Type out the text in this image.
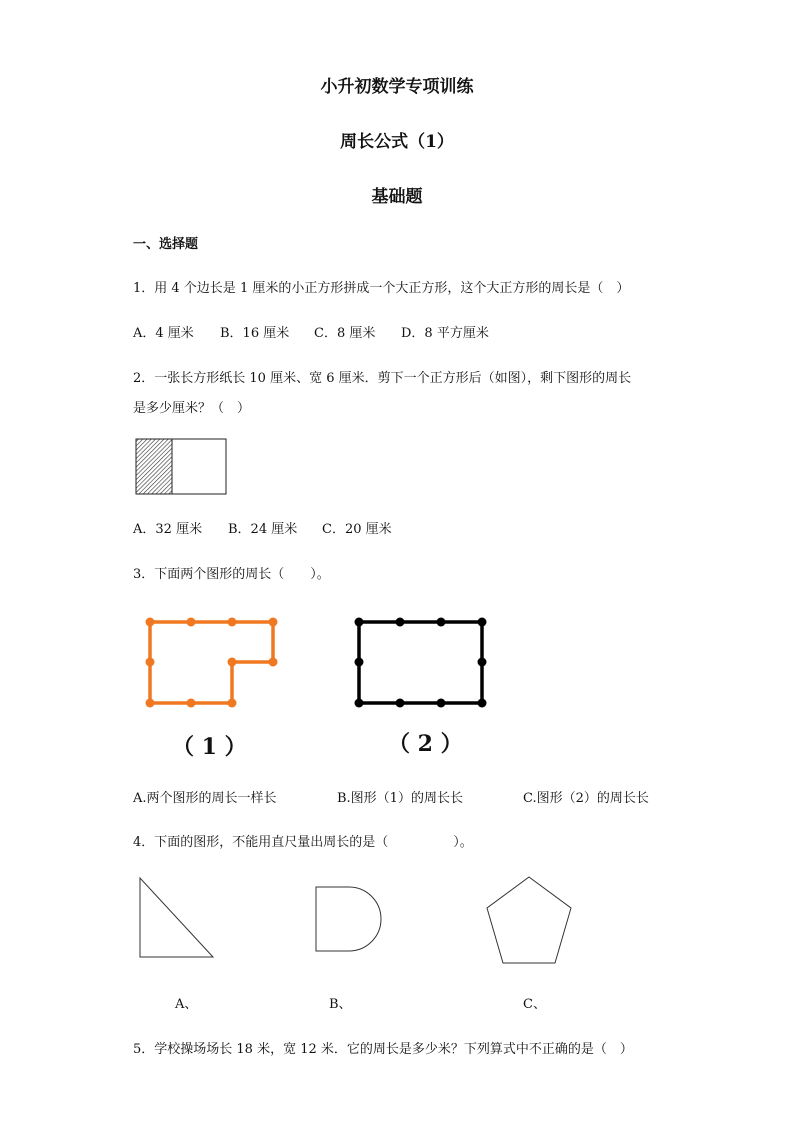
小升初数学专项训练
周长公式（1）
基础题
一、选择题
1．用 4 个边长是 1 厘米的小正方形拼成一个大正方形，这个大正方形的周长是（　）
A．4 厘米 B．16 厘米 C．8 厘米 D．8 平方厘米
2．一张长方形纸长 10 厘米、宽 6 厘米．剪下一个正方形后（如图），剩下图形的周长
是多少厘米？（　）
A．32 厘米 B．24 厘米 C．20 厘米
3．下面两个图形的周长（　　）。
（ 1 ）	（ 2 ）
A.两个图形的周长一样长	B.图形（1）的周长长	C.图形（2）的周长长
4．下面的图形，不能用直尺量出周长的是（　　　　　）。
A、	B、	C、
5．学校操场场长 18 米，宽 12 米．它的周长是多少米？下列算式中不正确的是（　）
